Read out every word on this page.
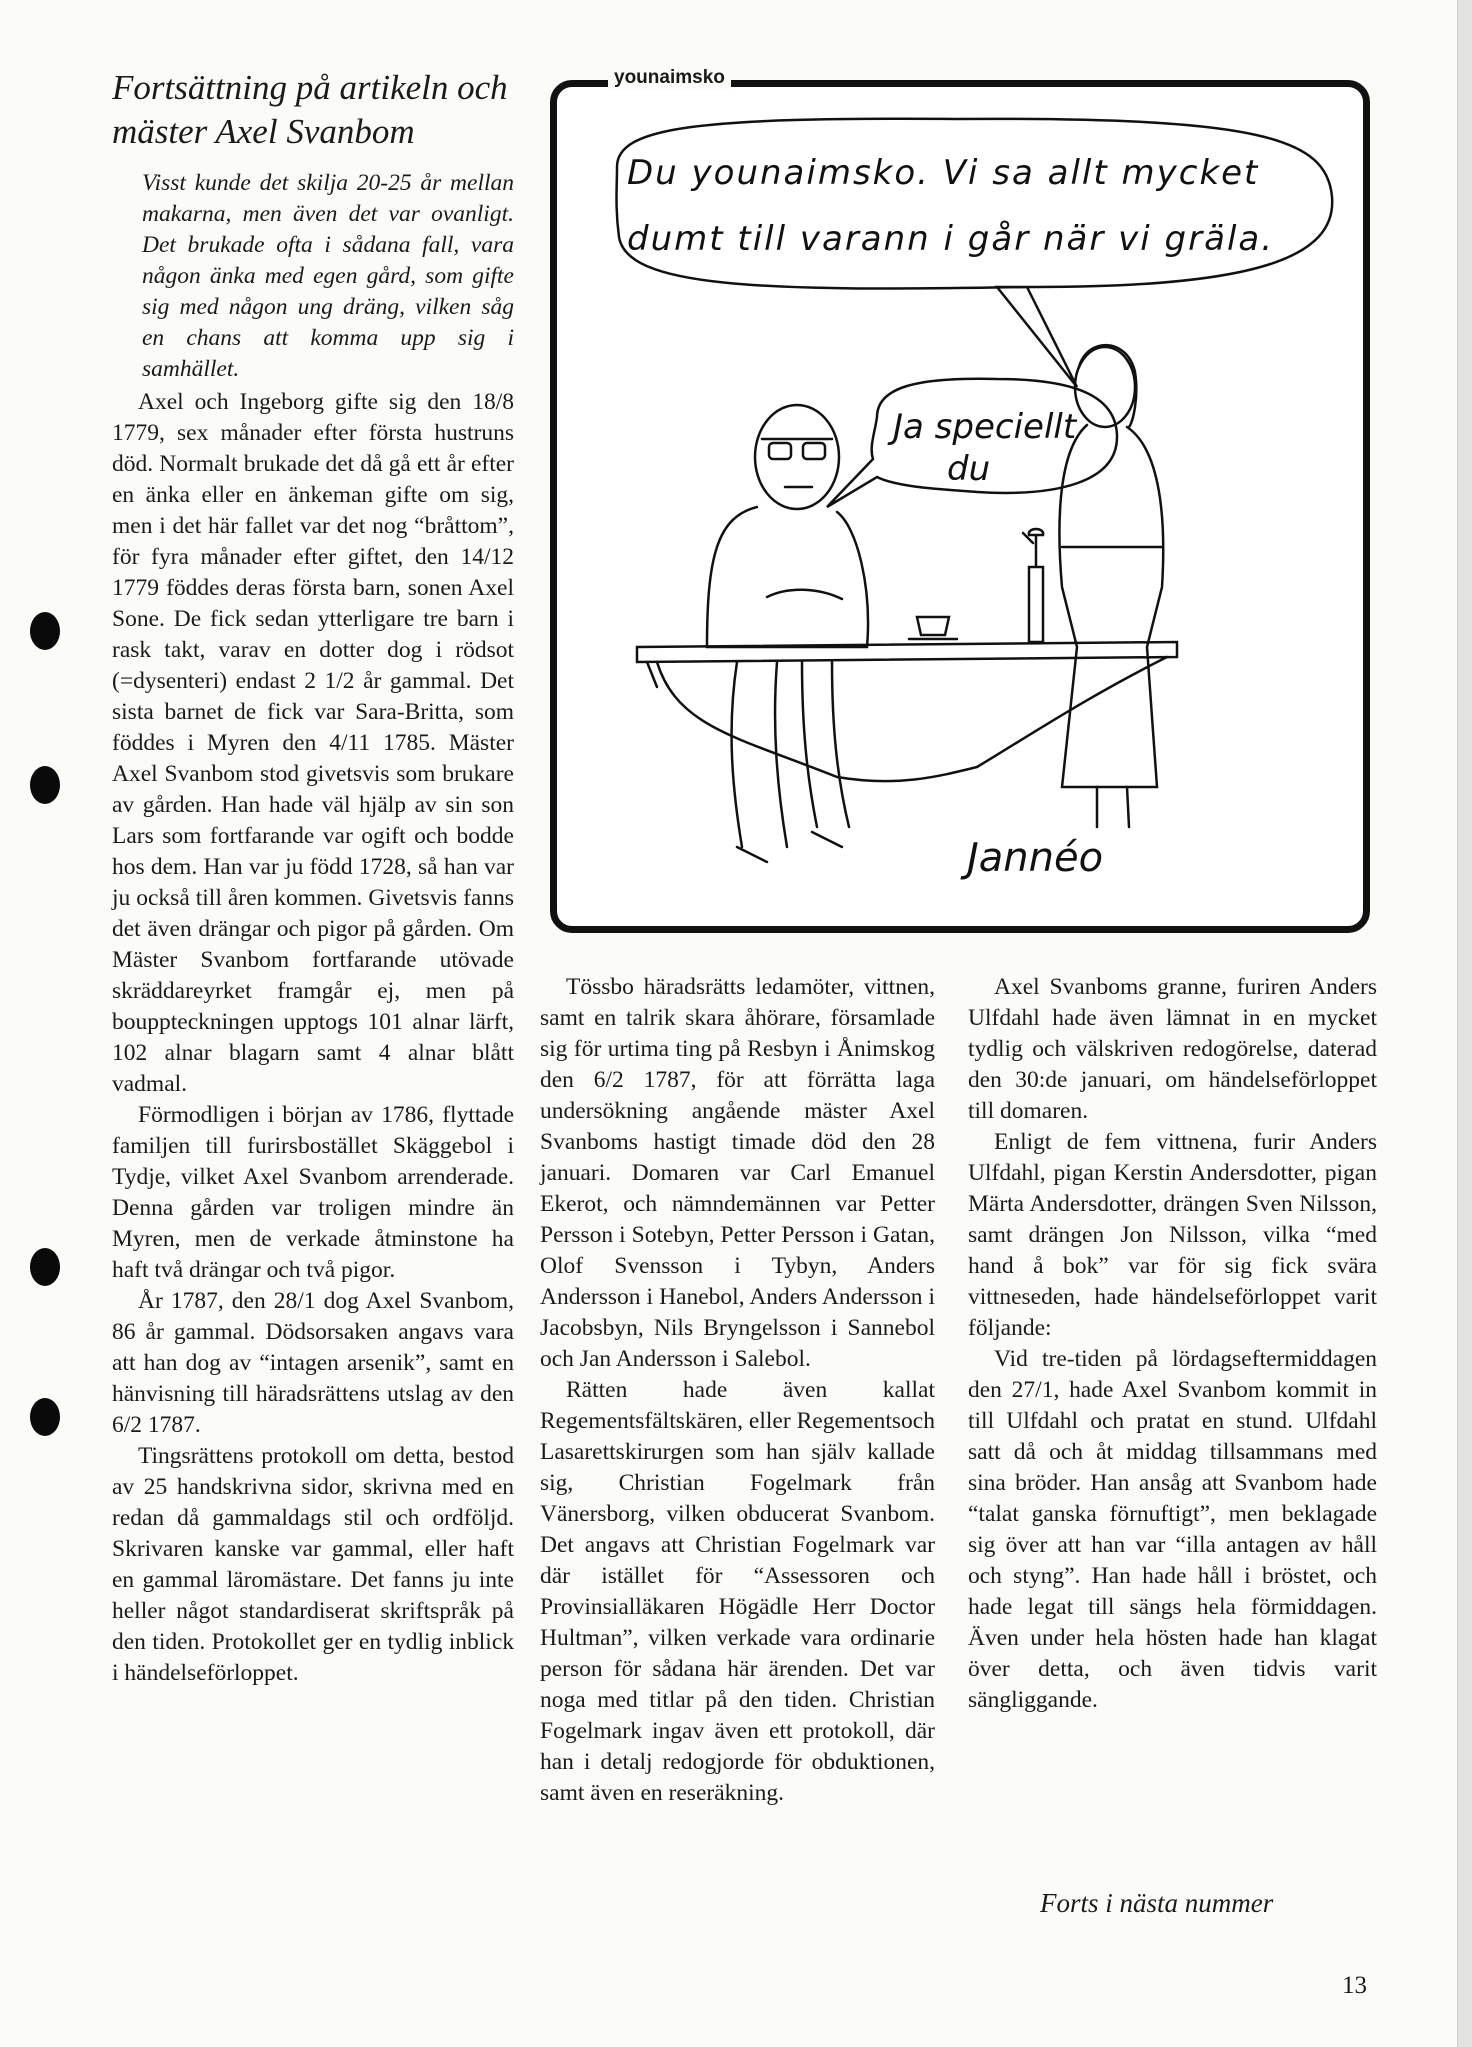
Fortsättning på artikeln och mäster Axel Svanbom

Visst kunde det skilja 20-25 år mellan makarna, men även det var ovanligt. Det brukade ofta i sådana fall, vara någon änka med egen gård, som gifte sig med någon ung dräng, vilken såg en chans att komma upp sig i samhället.

Axel och Ingeborg gifte sig den 18/8 1779, sex månader efter första hustruns död. Normalt brukade det då gå ett år efter en änka eller en änkeman gifte om sig, men i det här fallet var det nog “bråttom”, för fyra månader efter giftet, den 14/12 1779 föddes deras första barn, sonen Axel Sone. De fick sedan ytterligare tre barn i rask takt, varav en dotter dog i rödsot (=dysenteri) endast 2 1/2 år gammal. Det sista barnet de fick var Sara-Britta, som föddes i Myren den 4/11 1785. Mäster Axel Svanbom stod givetsvis som brukare av gården. Han hade väl hjälp av sin son Lars som fortfarande var ogift och bodde hos dem. Han var ju född 1728, så han var ju också till åren kommen. Givetsvis fanns det även drängar och pigor på gården. Om Mäster Svanbom fortfarande utövade skräddareyrket framgår ej, men på bouppteckningen upptogs 101 alnar lärft, 102 alnar blagarn samt 4 alnar blått vadmal.

Förmodligen i början av 1786, flyttade familjen till furirsbostället Skäggebol i Tydje, vilket Axel Svanbom arrenderade. Denna gården var troligen mindre än Myren, men de verkade åtminstone ha haft två drängar och två pigor.

År 1787, den 28/1 dog Axel Svanbom, 86 år gammal. Dödsorsaken angavs vara att han dog av “intagen arsenik”, samt en hänvisning till häradsrättens utslag av den 6/2 1787.

Tingsrättens protokoll om detta, bestod av 25 handskrivna sidor, skrivna med en redan då gammaldags stil och ordföljd. Skrivaren kanske var gammal, eller haft en gammal läromästare. Det fanns ju inte heller något standardiserat skriftspråk på den tiden. Protokollet ger en tydlig inblick i händelseförloppet.

Du younaimsko. Vi sa allt mycket
dumt till varann i går när vi gräla.
Ja speciellt
du
Jannéo
younaimsko

Tössbo häradsrätts ledamöter, vittnen, samt en talrik skara åhörare, församlade sig för urtima ting på Resbyn i Ånimskog den 6/2 1787, för att förrätta laga undersökning angående mäster Axel Svanboms hastigt timade död den 28 januari. Domaren var Carl Emanuel Ekerot, och nämndemännen var Petter Persson i Sotebyn, Petter Persson i Gatan, Olof Svensson i Tybyn, Anders Andersson i Hanebol, Anders Andersson i Jacobsbyn, Nils Bryngelsson i Sannebol och Jan Andersson i Salebol.

Rätten hade även kallat Regementsfältskären, eller Regementsoch Lasarettskirurgen som han själv kallade sig, Christian Fogelmark från Vänersborg, vilken obducerat Svanbom. Det angavs att Christian Fogelmark var där istället för “Assessoren och Provinsialläkaren Högädle Herr Doctor Hultman”, vilken verkade vara ordinarie person för sådana här ärenden. Det var noga med titlar på den tiden. Christian Fogelmark ingav även ett protokoll, där han i detalj redogjorde för obduktionen, samt även en reseräkning.

Axel Svanboms granne, furiren Anders Ulfdahl hade även lämnat in en mycket tydlig och välskriven redogörelse, daterad den 30:de januari, om händelseförloppet till domaren.

Enligt de fem vittnena, furir Anders Ulfdahl, pigan Kerstin Andersdotter, pigan Märta Andersdotter, drängen Sven Nilsson, samt drängen Jon Nilsson, vilka “med hand å bok” var för sig fick svära vittneseden, hade händelseförloppet varit följande:

Vid tre-tiden på lördagseftermiddagen den 27/1, hade Axel Svanbom kommit in till Ulfdahl och pratat en stund. Ulfdahl satt då och åt middag tillsammans med sina bröder. Han ansåg att Svanbom hade “talat ganska förnuftigt”, men beklagade sig över att han var “illa antagen av håll och styng”. Han hade håll i bröstet, och hade legat till sängs hela förmiddagen. Även under hela hösten hade han klagat över detta, och även tidvis varit sängliggande.

Forts i nästa nummer
13
